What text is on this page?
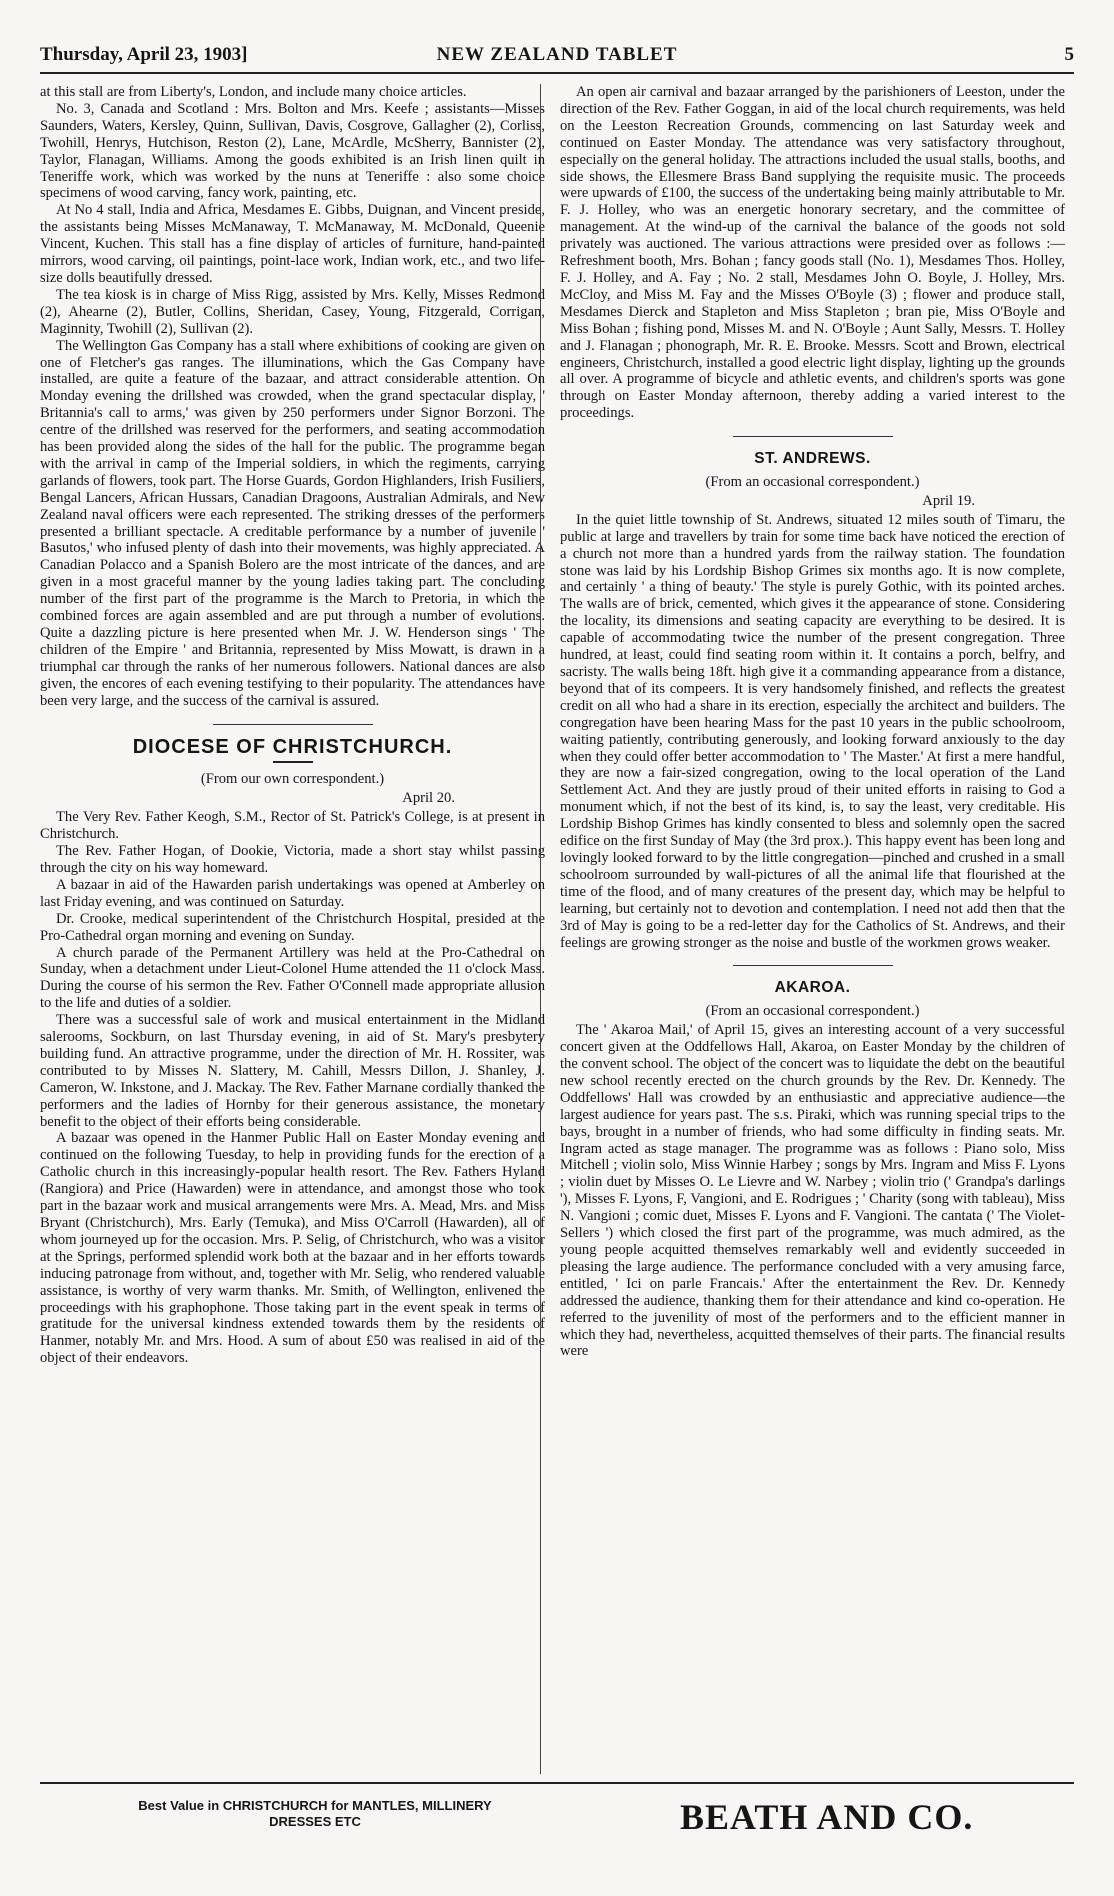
Thursday, April 23, 1903]	NEW ZEALAND TABLET	5

at this stall are from Liberty's, London, and include many choice articles.

No. 3, Canada and Scotland : Mrs. Bolton and Mrs. Keefe ; assistants—Misses Saunders, Waters, Kersley, Quinn, Sullivan, Davis, Cosgrove, Gallagher (2), Corliss, Twohill, Henrys, Hutchison, Reston (2), Lane, McArdle, McSherry, Bannister (2), Taylor, Flanagan, Williams. Among the goods exhibited is an Irish linen quilt in Teneriffe work, which was worked by the nuns at Teneriffe : also some choice specimens of wood carving, fancy work, painting, etc.

At No 4 stall, India and Africa, Mesdames E. Gibbs, Duignan, and Vincent preside, the assistants being Misses McManaway, T. McManaway, M. McDonald, Queenie Vincent, Kuchen. This stall has a fine display of articles of furniture, hand-painted mirrors, wood carving, oil paintings, point-lace work, Indian work, etc., and two life-size dolls beautifully dressed.

The tea kiosk is in charge of Miss Rigg, assisted by Mrs. Kelly, Misses Redmond (2), Ahearne (2), Butler, Collins, Sheridan, Casey, Young, Fitzgerald, Corrigan, Maginnity, Twohill (2), Sullivan (2).

The Wellington Gas Company has a stall where exhibitions of cooking are given on one of Fletcher's gas ranges. The illuminations, which the Gas Company have installed, are quite a feature of the bazaar, and attract considerable attention. On Monday evening the drillshed was crowded, when the grand spectacular display, ' Britannia's call to arms,' was given by 250 performers under Signor Borzoni. The centre of the drillshed was reserved for the performers, and seating accommodation has been provided along the sides of the hall for the public. The programme began with the arrival in camp of the Imperial soldiers, in which the regiments, carrying garlands of flowers, took part. The Horse Guards, Gordon Highlanders, Irish Fusiliers, Bengal Lancers, African Hussars, Canadian Dragoons, Australian Admirals, and New Zealand naval officers were each represented. The striking dresses of the performers presented a brilliant spectacle. A creditable performance by a number of juvenile ' Basutos,' who infused plenty of dash into their movements, was highly appreciated. A Canadian Polacco and a Spanish Bolero are the most intricate of the dances, and are given in a most graceful manner by the young ladies taking part. The concluding number of the first part of the programme is the March to Pretoria, in which the combined forces are again assembled and are put through a number of evolutions. Quite a dazzling picture is here presented when Mr. J. W. Henderson sings ' The children of the Empire ' and Britannia, represented by Miss Mowatt, is drawn in a triumphal car through the ranks of her numerous followers. National dances are also given, the encores of each evening testifying to their popularity. The attendances have been very large, and the success of the carnival is assured.

DIOCESE OF CHRISTCHURCH.
(From our own correspondent.)
April 20.

The Very Rev. Father Keogh, S.M., Rector of St. Patrick's College, is at present in Christchurch.

The Rev. Father Hogan, of Dookie, Victoria, made a short stay whilst passing through the city on his way homeward.

A bazaar in aid of the Hawarden parish undertakings was opened at Amberley on last Friday evening, and was continued on Saturday.

Dr. Crooke, medical superintendent of the Christchurch Hospital, presided at the Pro-Cathedral organ morning and evening on Sunday.

A church parade of the Permanent Artillery was held at the Pro-Cathedral on Sunday, when a detachment under Lieut-Colonel Hume attended the 11 o'clock Mass. During the course of his sermon the Rev. Father O'Connell made appropriate allusion to the life and duties of a soldier.

There was a successful sale of work and musical entertainment in the Midland salerooms, Sockburn, on last Thursday evening, in aid of St. Mary's presbytery building fund. An attractive programme, under the direction of Mr. H. Rossiter, was contributed to by Misses N. Slattery, M. Cahill, Messrs Dillon, J. Shanley, J. Cameron, W. Inkstone, and J. Mackay. The Rev. Father Marnane cordially thanked the performers and the ladies of Hornby for their generous assistance, the monetary benefit to the object of their efforts being considerable.

A bazaar was opened in the Hanmer Public Hall on Easter Monday evening and continued on the following Tuesday, to help in providing funds for the erection of a Catholic church in this increasingly-popular health resort. The Rev. Fathers Hyland (Rangiora) and Price (Hawarden) were in attendance, and amongst those who took part in the bazaar work and musical arrangements were Mrs. A. Mead, Mrs. and Miss Bryant (Christchurch), Mrs. Early (Temuka), and Miss O'Carroll (Hawarden), all of whom journeyed up for the occasion. Mrs. P. Selig, of Christchurch, who was a visitor at the Springs, performed splendid work both at the bazaar and in her efforts towards inducing patronage from without, and, together with Mr. Selig, who rendered valuable assistance, is worthy of very warm thanks. Mr. Smith, of Wellington, enlivened the proceedings with his graphophone. Those taking part in the event speak in terms of gratitude for the universal kindness extended towards them by the residents of Hanmer, notably Mr. and Mrs. Hood. A sum of about £50 was realised in aid of the object of their endeavors.

An open air carnival and bazaar arranged by the parishioners of Leeston, under the direction of the Rev. Father Goggan, in aid of the local church requirements, was held on the Leeston Recreation Grounds, commencing on last Saturday week and continued on Easter Monday. The attendance was very satisfactory throughout, especially on the general holiday. The attractions included the usual stalls, booths, and side shows, the Ellesmere Brass Band supplying the requisite music. The proceeds were upwards of £100, the success of the undertaking being mainly attributable to Mr. F. J. Holley, who was an energetic honorary secretary, and the committee of management. At the wind-up of the carnival the balance of the goods not sold privately was auctioned. The various attractions were presided over as follows :—Refreshment booth, Mrs. Bohan ; fancy goods stall (No. 1), Mesdames Thos. Holley, F. J. Holley, and A. Fay ; No. 2 stall, Mesdames John O. Boyle, J. Holley, Mrs. McCloy, and Miss M. Fay and the Misses O'Boyle (3) ; flower and produce stall, Mesdames Dierck and Stapleton and Miss Stapleton ; bran pie, Miss O'Boyle and Miss Bohan ; fishing pond, Misses M. and N. O'Boyle ; Aunt Sally, Messrs. T. Holley and J. Flanagan ; phonograph, Mr. R. E. Brooke. Messrs. Scott and Brown, electrical engineers, Christchurch, installed a good electric light display, lighting up the grounds all over. A programme of bicycle and athletic events, and children's sports was gone through on Easter Monday afternoon, thereby adding a varied interest to the proceedings.

ST. ANDREWS.
(From an occasional correspondent.)
April 19.

In the quiet little township of St. Andrews, situated 12 miles south of Timaru, the public at large and travellers by train for some time back have noticed the erection of a church not more than a hundred yards from the railway station. The foundation stone was laid by his Lordship Bishop Grimes six months ago. It is now complete, and certainly ' a thing of beauty.' The style is purely Gothic, with its pointed arches. The walls are of brick, cemented, which gives it the appearance of stone. Considering the locality, its dimensions and seating capacity are everything to be desired. It is capable of accommodating twice the number of the present congregation. Three hundred, at least, could find seating room within it. It contains a porch, belfry, and sacristy. The walls being 18ft. high give it a commanding appearance from a distance, beyond that of its compeers. It is very handsomely finished, and reflects the greatest credit on all who had a share in its erection, especially the architect and builders. The congregation have been hearing Mass for the past 10 years in the public schoolroom, waiting patiently, contributing generously, and looking forward anxiously to the day when they could offer better accommodation to ' The Master.' At first a mere handful, they are now a fair-sized congregation, owing to the local operation of the Land Settlement Act. And they are justly proud of their united efforts in raising to God a monument which, if not the best of its kind, is, to say the least, very creditable. His Lordship Bishop Grimes has kindly consented to bless and solemnly open the sacred edifice on the first Sunday of May (the 3rd prox.). This happy event has been long and lovingly looked forward to by the little congregation—pinched and crushed in a small schoolroom surrounded by wall-pictures of all the animal life that flourished at the time of the flood, and of many creatures of the present day, which may be helpful to learning, but certainly not to devotion and contemplation. I need not add then that the 3rd of May is going to be a red-letter day for the Catholics of St. Andrews, and their feelings are growing stronger as the noise and bustle of the workmen grows weaker.

AKAROA.
(From an occasional correspondent.)

The ' Akaroa Mail,' of April 15, gives an interesting account of a very successful concert given at the Oddfellows Hall, Akaroa, on Easter Monday by the children of the convent school. The object of the concert was to liquidate the debt on the beautiful new school recently erected on the church grounds by the Rev. Dr. Kennedy. The Oddfellows' Hall was crowded by an enthusiastic and appreciative audience—the largest audience for years past. The s.s. Piraki, which was running special trips to the bays, brought in a number of friends, who had some difficulty in finding seats. Mr. Ingram acted as stage manager. The programme was as follows : Piano solo, Miss Mitchell ; violin solo, Miss Winnie Harbey ; songs by Mrs. Ingram and Miss F. Lyons ; violin duet by Misses O. Le Lievre and W. Narbey ; violin trio (' Grandpa's darlings '), Misses F. Lyons, F, Vangioni, and E. Rodrigues ; ' Charity (song with tableau), Miss N. Vangioni ; comic duet, Misses F. Lyons and F. Vangioni. The cantata (' The Violet-Sellers ') which closed the first part of the programme, was much admired, as the young people acquitted themselves remarkably well and evidently succeeded in pleasing the large audience. The performance concluded with a very amusing farce, entitled, ' Ici on parle Francais.' After the entertainment the Rev. Dr. Kennedy addressed the audience, thanking them for their attendance and kind co-operation. He referred to the juvenility of most of the performers and to the efficient manner in which they had, nevertheless, acquitted themselves of their parts. The financial results were

Best Value in CHRISTCHURCH for MANTLES, MILLINERY
DRESSES ETC	BEATH AND CO.
